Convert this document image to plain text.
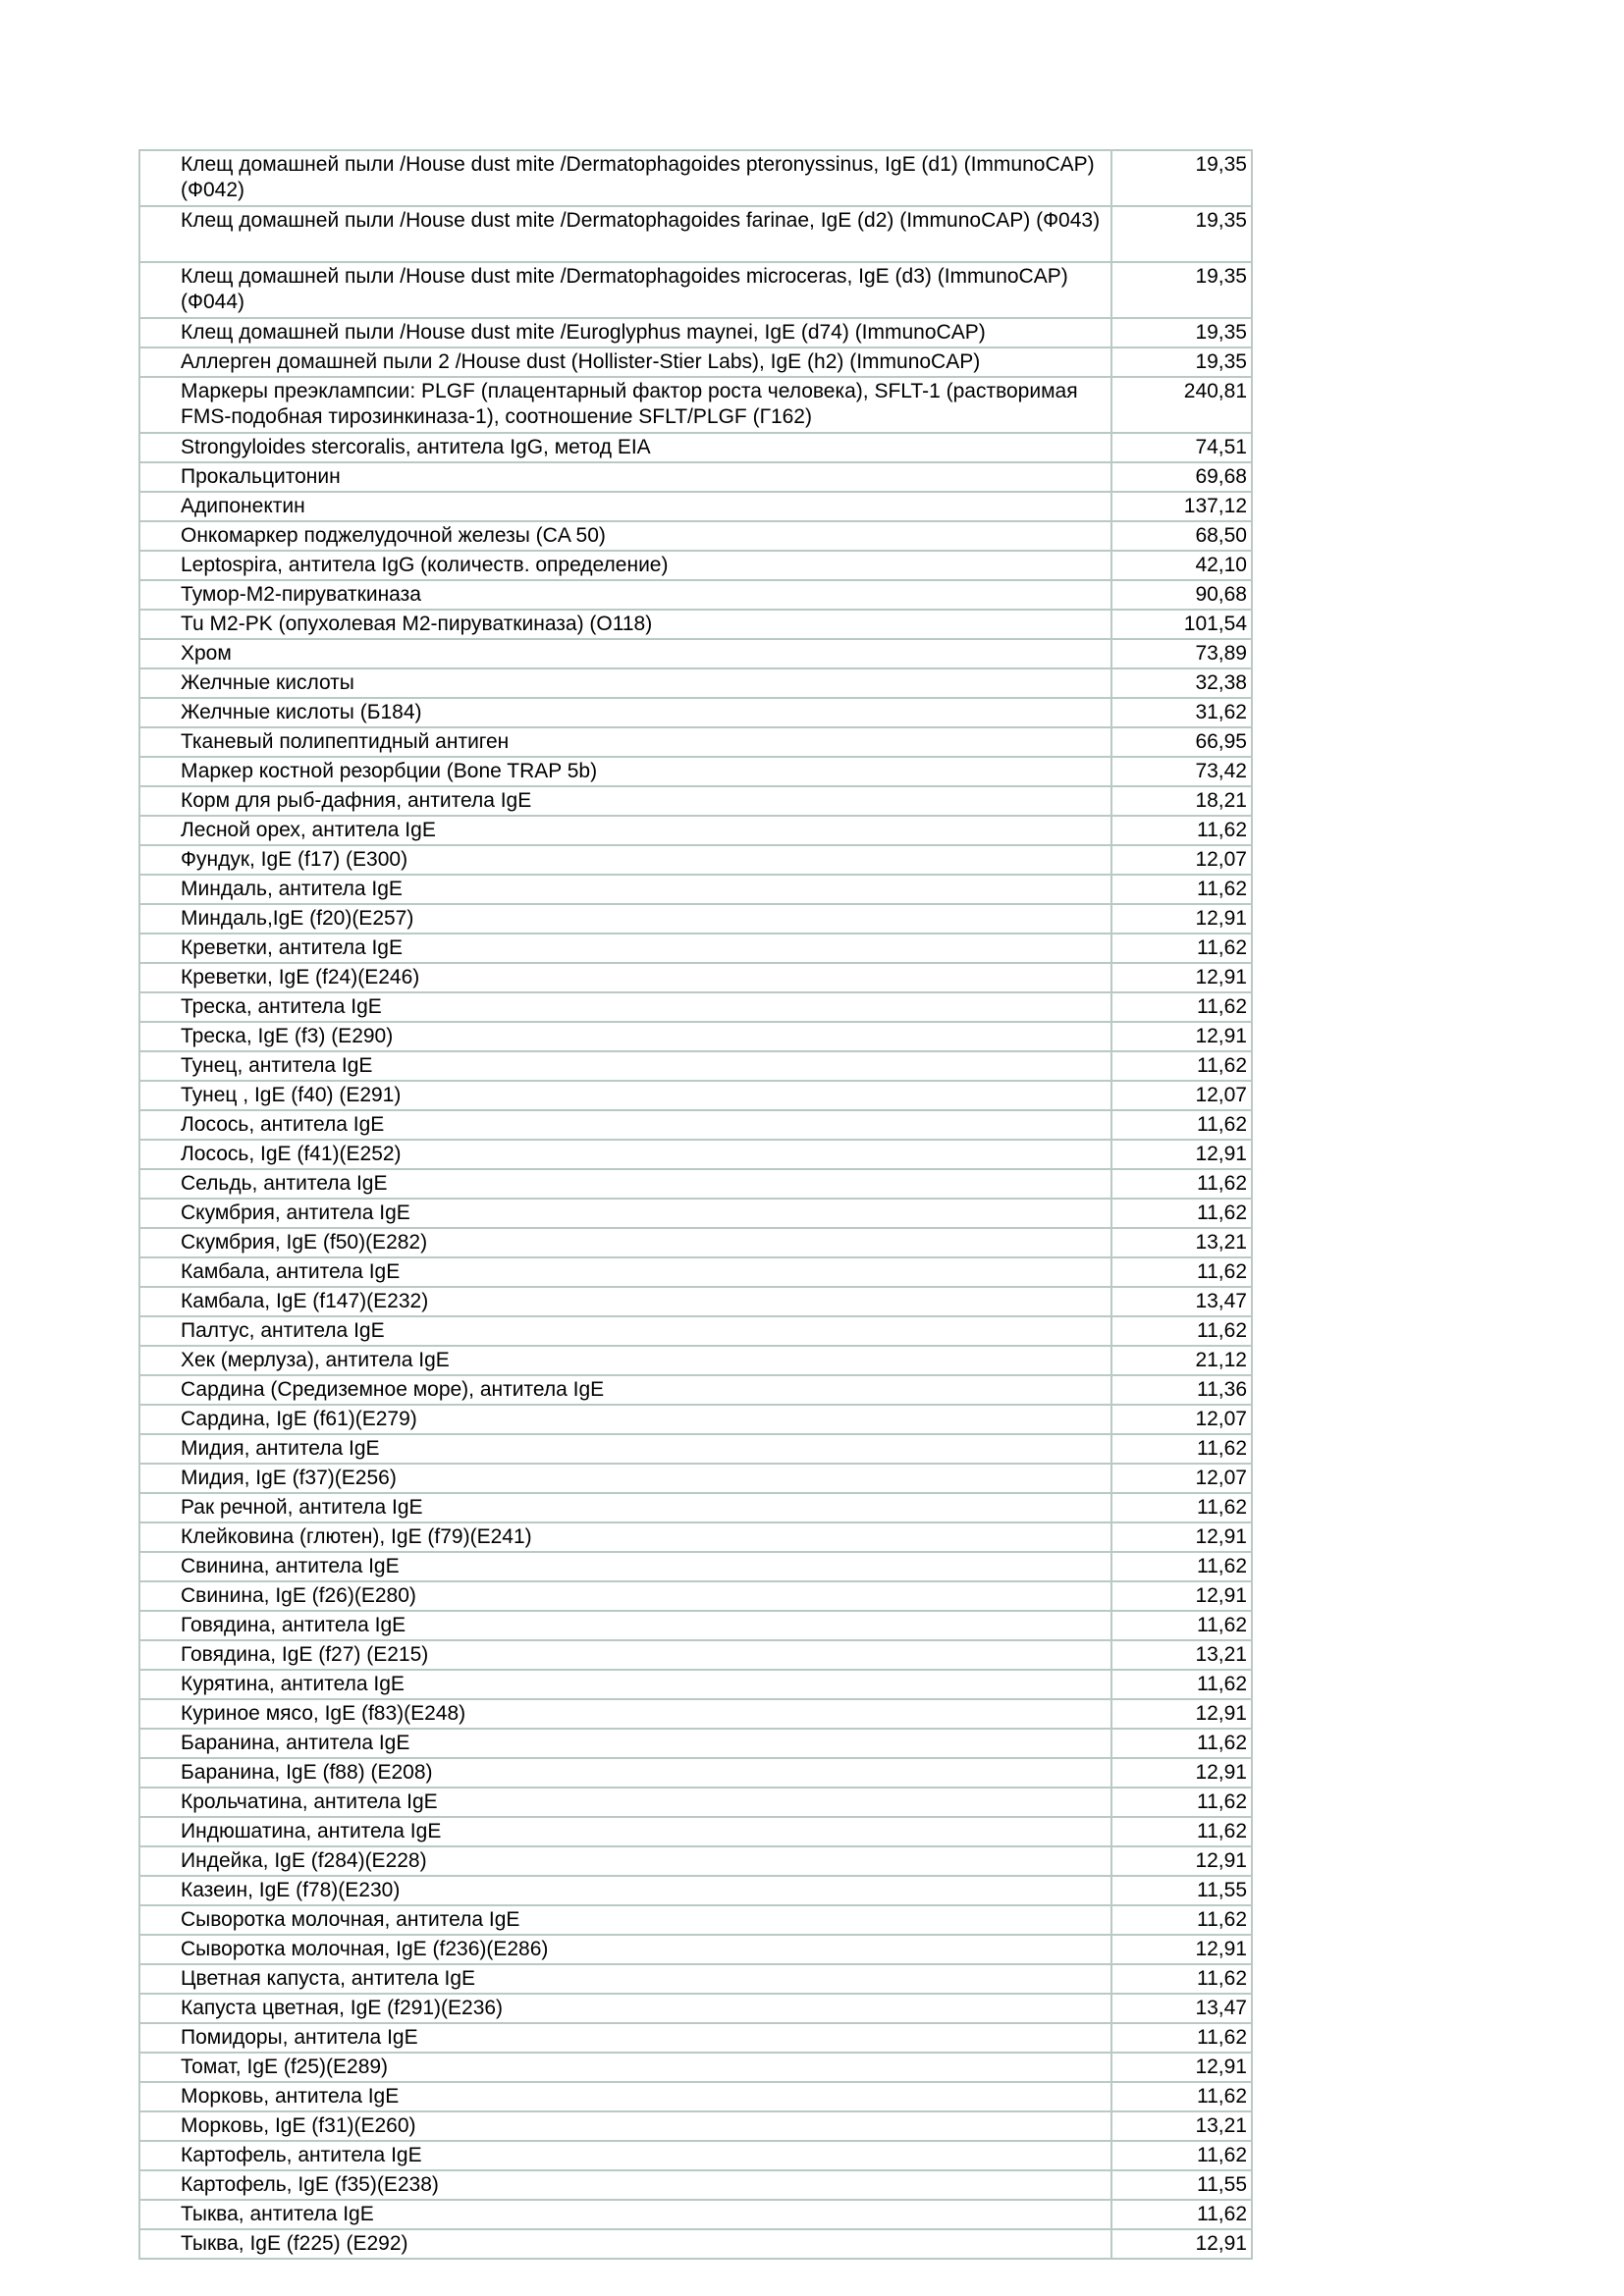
Клещ домашней пыли /House dust mite /Dermatophagoides pteronyssinus, IgE (d1) (ImmunoCAP) (Ф042)	19,35
Клещ домашней пыли /House dust mite /Dermatophagoides farinae, IgE (d2) (ImmunoCAP) (Ф043)	19,35
Клещ домашней пыли /House dust mite /Dermatophagoides microceras, IgE (d3) (ImmunoCAP) (Ф044)	19,35
Клещ домашней пыли /House dust mite /Euroglyphus maynei, IgE (d74) (ImmunoCAP)	19,35
Аллерген домашней пыли 2 /House dust (Hollister-Stier Labs), IgE (h2) (ImmunoCAP)	19,35
Маркеры преэклампсии: PLGF (плацентарный фактор роста человека), SFLT-1 (растворимая FMS-подобная тирозинкиназа-1), соотношение SFLT/PLGF (Г162)	240,81
Strongyloides stercoralis, антитела IgG, метод EIA	74,51
Прокальцитонин	69,68
Адипонектин	137,12
Онкомаркер поджелудочной железы (CA 50)	68,50
Leptospira, антитела IgG (количеств. определение)	42,10
Тумор-М2-пируваткиназа	90,68
Tu M2-PK (опухолевая М2-пируваткиназа) (О118)	101,54
Хром	73,89
Желчные кислоты	32,38
Желчные кислоты (Б184)	31,62
Тканевый полипептидный антиген	66,95
Маркер костной резорбции (Bone TRAP 5b)	73,42
Корм для рыб-дафния, антитела IgE	18,21
Лесной орех, антитела IgE	11,62
Фундук, IgE (f17) (E300)	12,07
Миндаль, антитела IgE	11,62
Миндаль,IgE (f20)(E257)	12,91
Креветки, антитела IgE	11,62
Креветки, IgE (f24)(E246)	12,91
Треска, антитела IgE	11,62
Треска, IgE (f3) (E290)	12,91
Тунец, антитела IgE	11,62
Тунец , IgE (f40) (E291)	12,07
Лосось, антитела IgE	11,62
Лосось, IgE (f41)(E252)	12,91
Сельдь, антитела IgE	11,62
Скумбрия, антитела IgE	11,62
Скумбрия, IgE (f50)(E282)	13,21
Камбала, антитела IgE	11,62
Камбала, IgE (f147)(E232)	13,47
Палтус, антитела IgE	11,62
Хек (мерлуза), антитела IgE	21,12
Сардина (Средиземное море), антитела IgE	11,36
Сардина, IgE (f61)(E279)	12,07
Мидия, антитела IgE	11,62
Мидия, IgE (f37)(E256)	12,07
Рак речной, антитела IgE	11,62
Клейковина (глютен), IgE (f79)(E241)	12,91
Свинина, антитела IgE	11,62
Свинина, IgE (f26)(E280)	12,91
Говядина, антитела IgE	11,62
Говядина, IgE (f27) (E215)	13,21
Курятина, антитела IgE	11,62
Куриное мясо, IgE (f83)(E248)	12,91
Баранина, антитела IgE	11,62
Баранина, IgE (f88) (E208)	12,91
Крольчатина, антитела IgE	11,62
Индюшатина, антитела IgE	11,62
Индейка, IgE (f284)(E228)	12,91
Казеин, IgE (f78)(E230)	11,55
Сыворотка молочная, антитела IgE	11,62
Сыворотка молочная, IgE (f236)(E286)	12,91
Цветная капуста, антитела IgE	11,62
Капуста цветная, IgE (f291)(E236)	13,47
Помидоры, антитела IgE	11,62
Томат, IgE (f25)(E289)	12,91
Морковь, антитела IgE	11,62
Морковь, IgE (f31)(E260)	13,21
Картофель, антитела IgE	11,62
Картофель, IgE (f35)(E238)	11,55
Тыква, антитела IgE	11,62
Тыква, IgE (f225) (E292)	12,91
